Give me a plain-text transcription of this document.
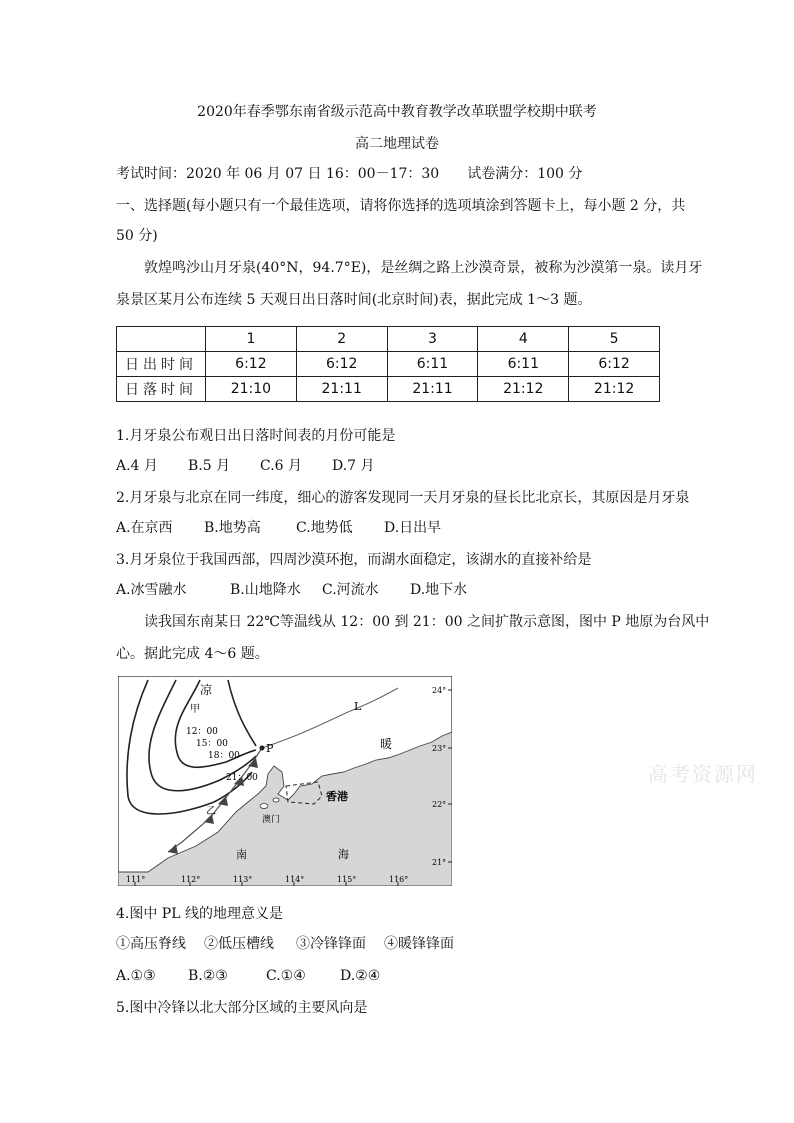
2020年春季鄂东南省级示范高中教育教学改革联盟学校期中联考
高二地理试卷
考试时间：2020 年 06 月 07 日 16：00－17：30　　试卷满分：100 分
一、选择题(每小题只有一个最佳选项，请将你选择的选项填涂到答题卡上，每小题 2 分，共
50 分)
敦煌鸣沙山月牙泉(40°N，94.7°E)，是丝绸之路上沙漠奇景，被称为沙漠第一泉。读月牙
泉景区某月公布连续 5 天观日出日落时间(北京时间)表，据此完成 1～3 题。
	1	2	3	4	5
日出时间	6:12	6:12	6:11	6:11	6:12
日落时间	21:10	21:11	21:11	21:12	21:12
1.月牙泉公布观日出日落时间表的月份可能是
A.4 月 B.5 月 C.6 月 D.7 月
2.月牙泉与北京在同一纬度，细心的游客发现同一天月牙泉的昼长比北京长，其原因是月牙泉
A.在京西 B.地势高	C.地势低 D.日出早
3.月牙泉位于我国西部，四周沙漠环抱，而湖水面稳定，该湖水的直接补给是
A.冰雪融水	B.山地降水 C.河流水 D.地下水
读我国东南某日 22℃等温线从 12：00 到 21：00 之间扩散示意图，图中 P 地原为台风中
心。据此完成 4～6 题。
凉
甲
12：00
15：00
18：00
21：00
P
L
暖
乙
澳门
香港
南	海
111°	112°	113°	114°	115°	116°
24°
23°
22°
21°
高考资源网
4.图中 PL 线的地理意义是
①高压脊线 ②低压槽线 ③冷锋锋面 ④暖锋锋面
A.①③ B.②③	C.①④ D.②④
5.图中冷锋以北大部分区域的主要风向是
